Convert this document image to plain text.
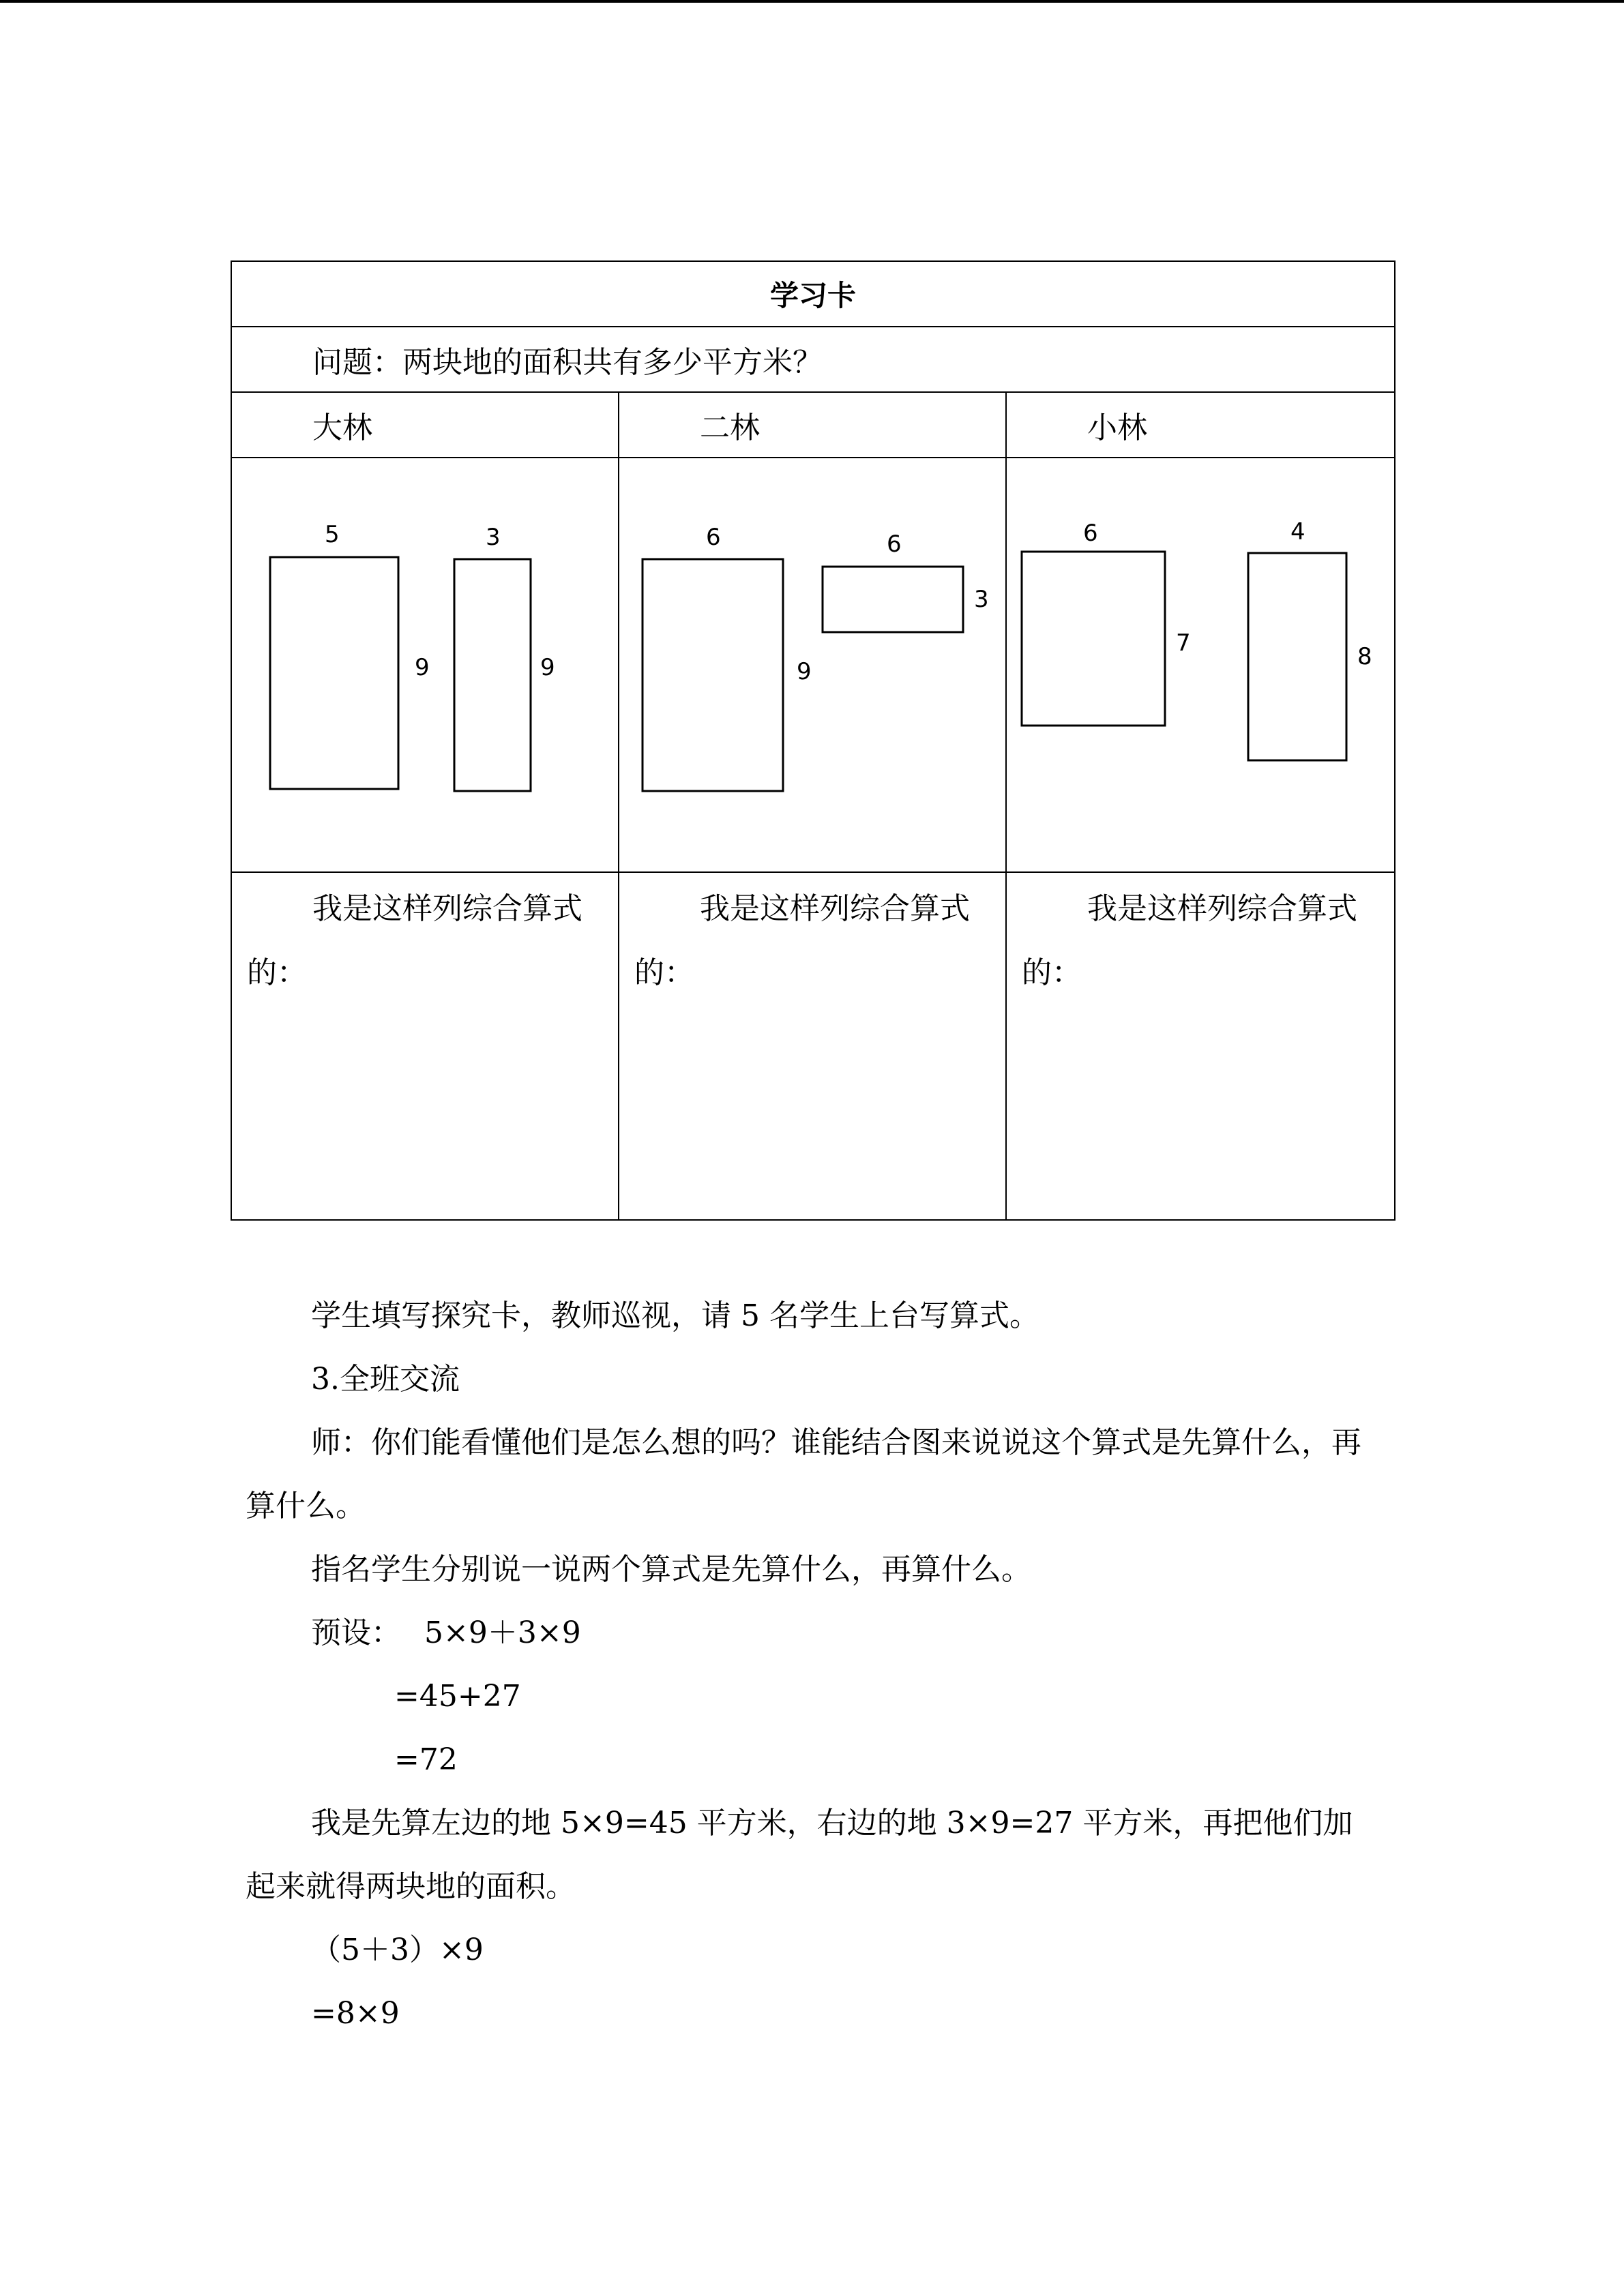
学习卡		
问题：两块地的面积共有多少平方米？		
大林	二林	小林

5
9
3
9	6
9
6
3	6
7
4
8

我是这样列综合算式的：	我是这样列综合算式的：	我是这样列综合算式的：

学生填写探究卡，教师巡视，请 5 名学生上台写算式。

3.全班交流

师：你们能看懂他们是怎么想的吗？谁能结合图来说说这个算式是先算什么，再算什么。

指名学生分别说一说两个算式是先算什么，再算什么。

预设： 5×9＋3×9

=45+27

=72

我是先算左边的地 5×9=45 平方米，右边的地 3×9=27 平方米，再把他们加起来就得两块地的面积。

（5＋3）×9

=8×9
